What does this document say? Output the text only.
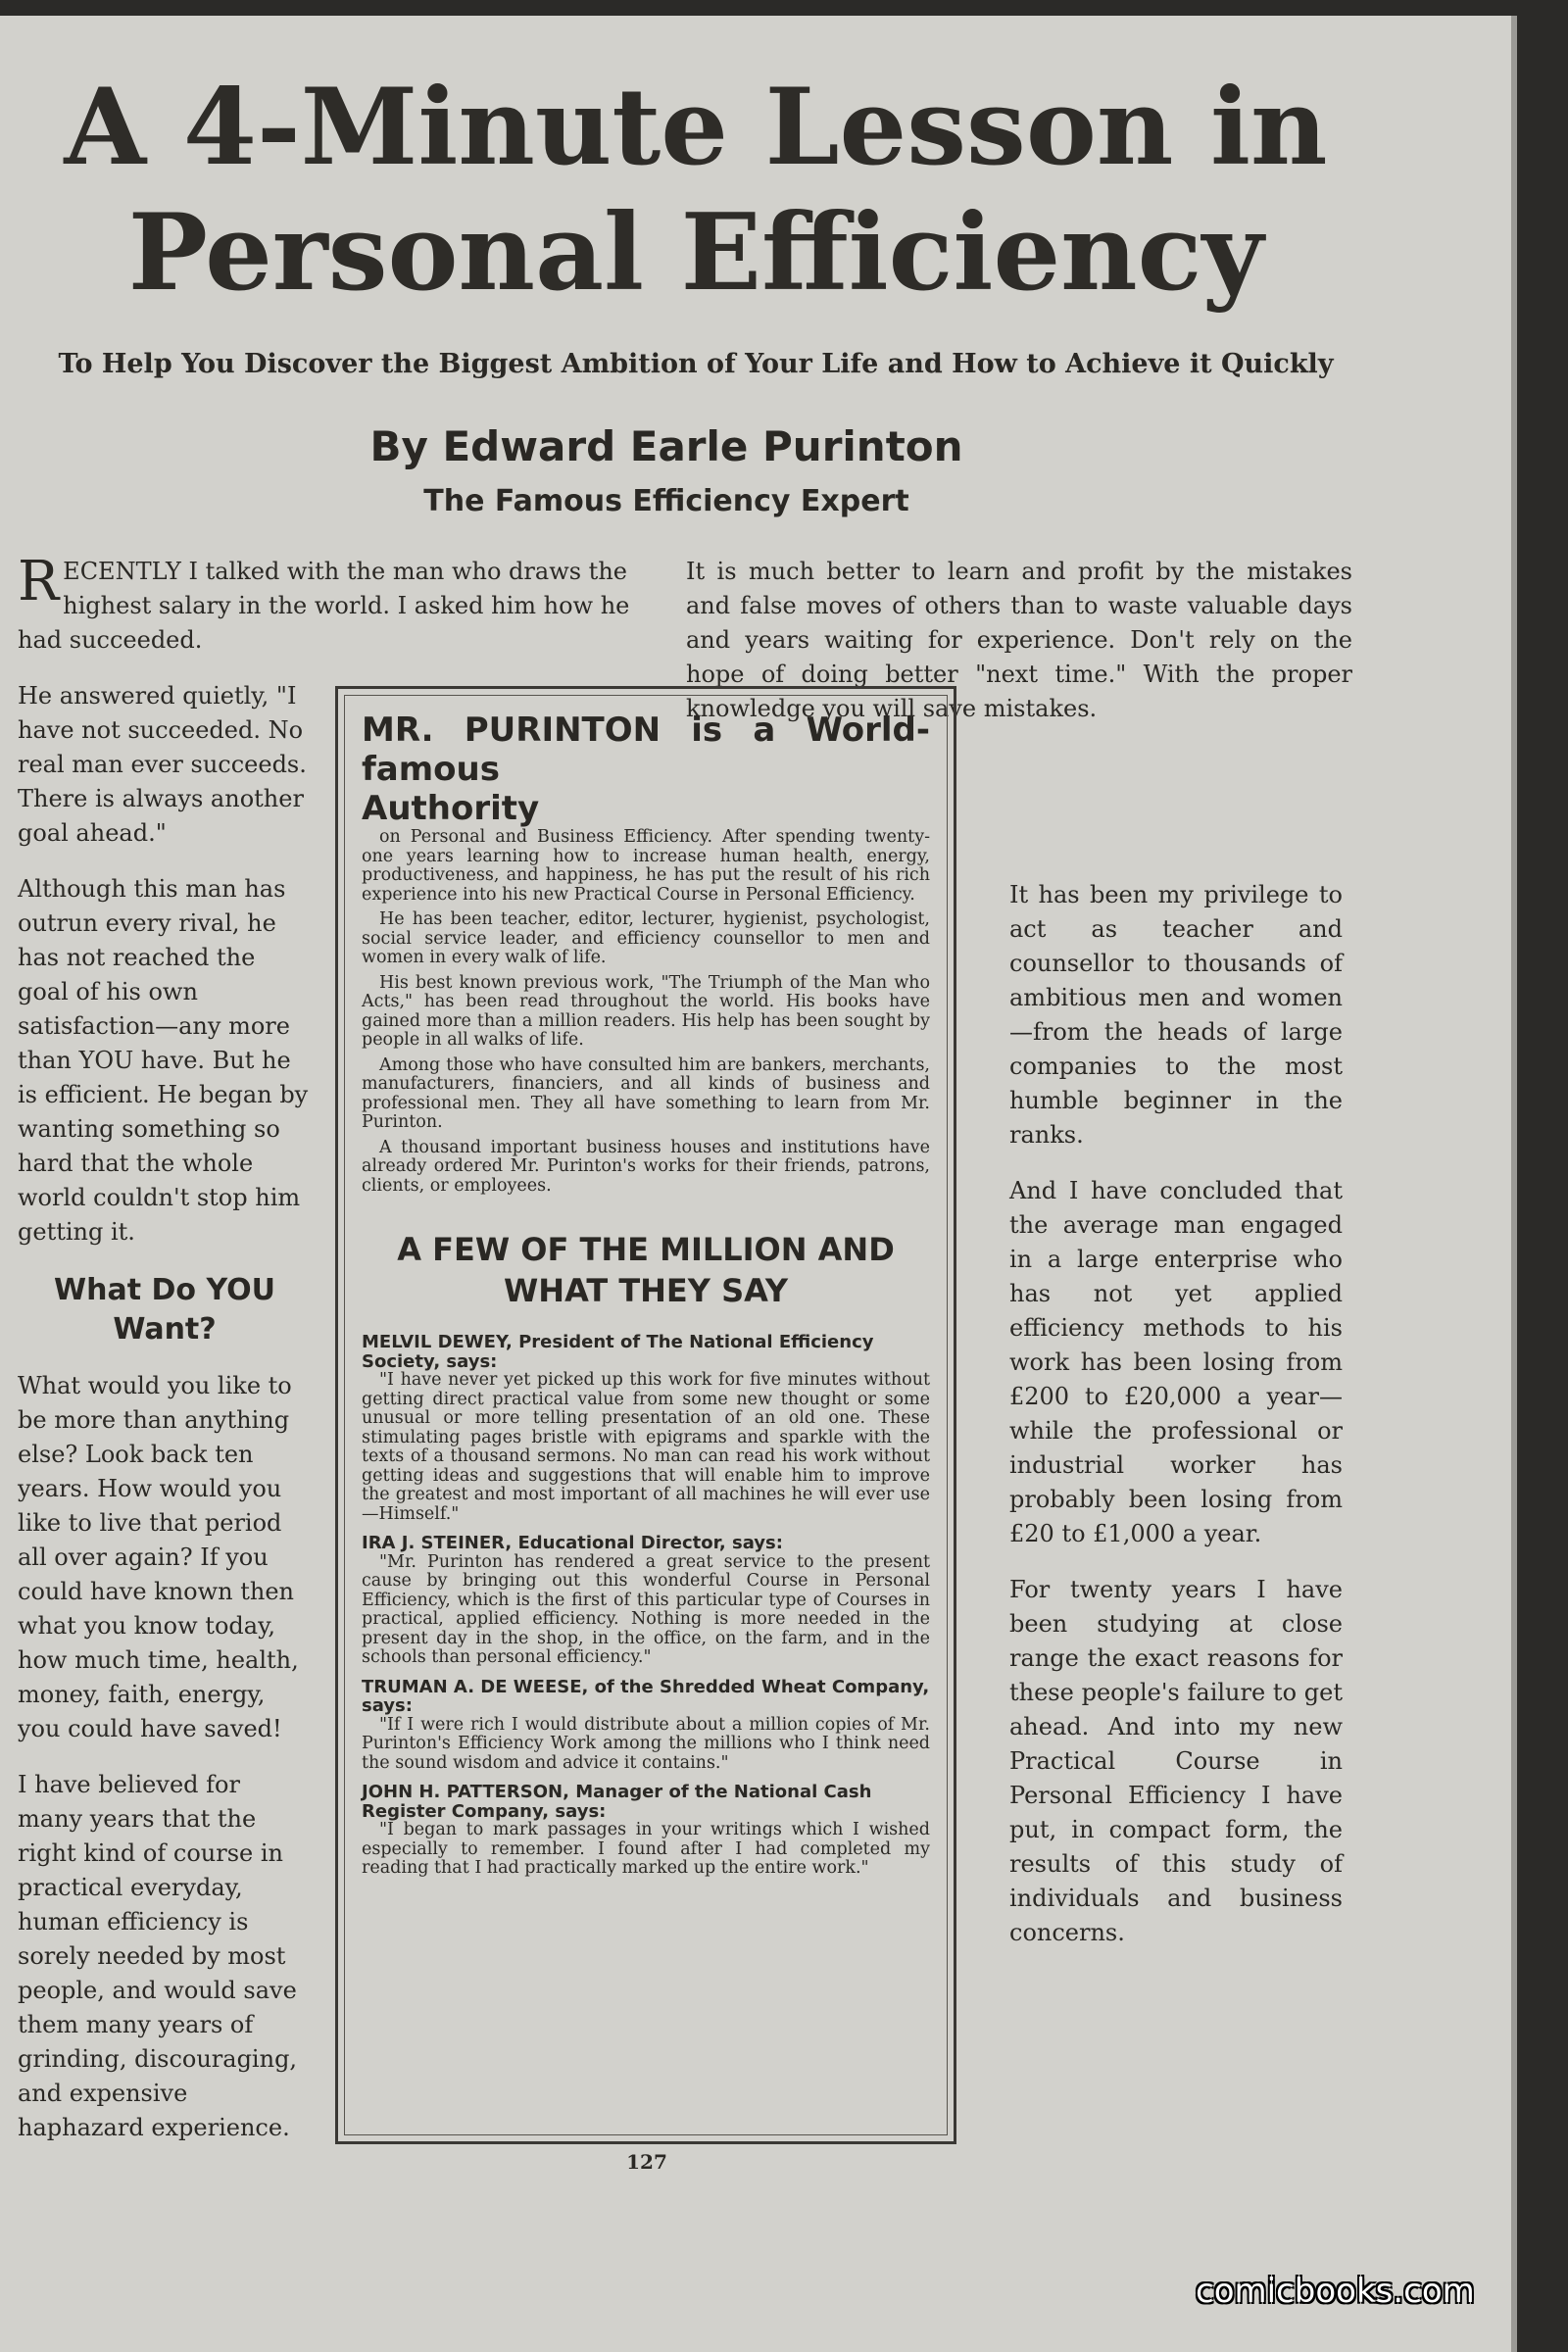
A 4-Minute Lesson in
Personal Efficiency
To Help You Discover the Biggest Ambition of Your Life and How to Achieve it Quickly
By Edward Earle Purinton
The Famous Efficiency Expert

RECENTLY I talked with the man who draws the highest salary in the world. I asked him how he had succeeded.

He answered quietly, "I have not succeeded. No real man ever succeeds. There is always another goal ahead."

Although this man has outrun every rival, he has not reached the goal of his own satisfaction—any more than YOU have. But he is efficient. He began by wanting something so hard that the whole world couldn't stop him getting it.

What Do YOU Want?

What would you like to be more than anything else? Look back ten years. How would you like to live that period all over again? If you could have known then what you know today, how much time, health, money, faith, energy, you could have saved!

I have believed for many years that the right kind of course in practical everyday, human efficiency is sorely needed by most people, and would save them many years of grinding, discouraging, and expensive haphazard experience.

It is much better to learn and profit by the mistakes and false moves of others than to waste valuable days and years waiting for experience. Don't rely on the hope of doing better "next time." With the proper knowledge you will save mistakes.

It has been my privilege to act as teacher and counsellor to thousands of ambitious men and women—from the heads of large companies to the most humble beginner in the ranks.

And I have concluded that the average man engaged in a large enterprise who has not yet applied efficiency methods to his work has been losing from £200 to £20,000 a year—while the professional or industrial worker has probably been losing from £20 to £1,000 a year.

For twenty years I have been studying at close range the exact reasons for these people's failure to get ahead. And into my new Practical Course in Personal Efficiency I have put, in compact form, the results of this study of individuals and business concerns.

MR. PURINTON is a World-famous
Authority

on Personal and Business Efficiency. After spending twenty-one years learning how to increase human health, energy, productiveness, and happiness, he has put the result of his rich experience into his new Practical Course in Personal Efficiency.

He has been teacher, editor, lecturer, hygienist, psychologist, social service leader, and efficiency counsellor to men and women in every walk of life.

His best known previous work, "The Triumph of the Man who Acts," has been read throughout the world. His books have gained more than a million readers. His help has been sought by people in all walks of life.

Among those who have consulted him are bankers, merchants, manufacturers, financiers, and all kinds of business and professional men. They all have something to learn from Mr. Purinton.

A thousand important business houses and institutions have already ordered Mr. Purinton's works for their friends, patrons, clients, or employees.

A FEW OF THE MILLION AND WHAT THEY SAY
MELVIL DEWEY, President of The National Efficiency Society, says:

"I have never yet picked up this work for five minutes without getting direct practical value from some new thought or some unusual or more telling presentation of an old one. These stimulating pages bristle with epigrams and sparkle with the texts of a thousand sermons. No man can read his work without getting ideas and suggestions that will enable him to improve the greatest and most important of all machines he will ever use—Himself."

IRA J. STEINER, Educational Director, says:

"Mr. Purinton has rendered a great service to the present cause by bringing out this wonderful Course in Personal Efficiency, which is the first of this particular type of Courses in practical, applied efficiency. Nothing is more needed in the present day in the shop, in the office, on the farm, and in the schools than personal efficiency."

TRUMAN A. DE WEESE, of the Shredded Wheat Company, says:

"If I were rich I would distribute about a million copies of Mr. Purinton's Efficiency Work among the millions who I think need the sound wisdom and advice it contains."

JOHN H. PATTERSON, Manager of the National Cash Register Company, says:

"I began to mark passages in your writings which I wished especially to remember. I found after I had completed my reading that I had practically marked up the entire work."

127
comicbooks.com
